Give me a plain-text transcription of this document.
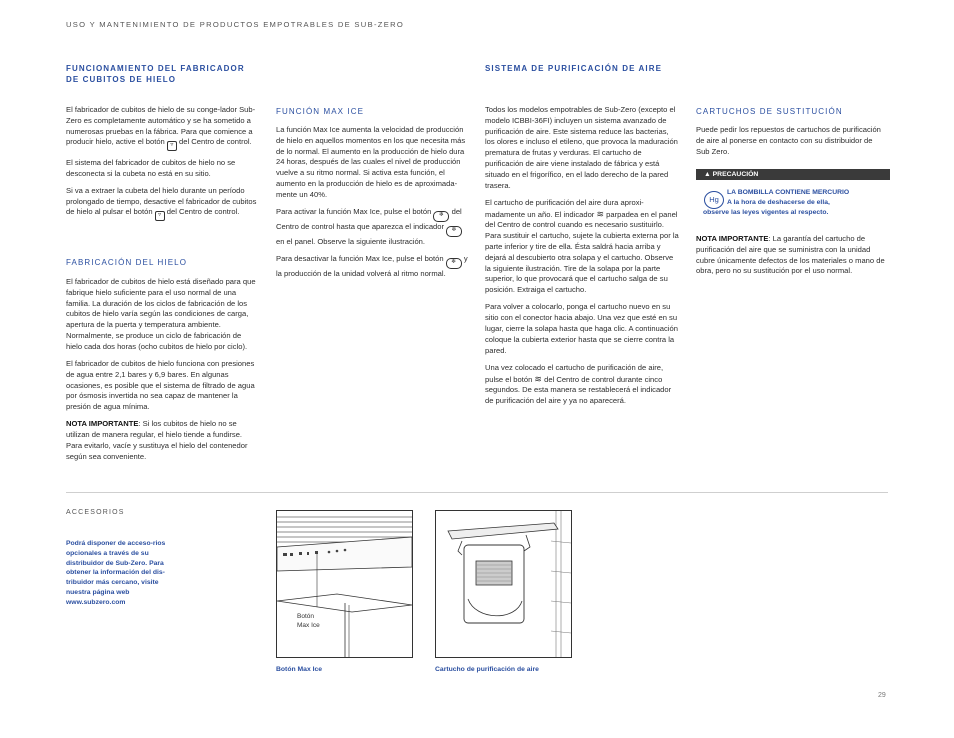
USO Y MANTENIMIENTO DE PRODUCTOS EMPOTRABLES DE SUB-ZERO
FUNCIONAMIENTO DEL FABRICADOR
DE CUBITOS DE HIELO

El fabricador de cubitos de hielo de su conge-lador Sub-Zero es completamente automático y se ha sometido a numerosas pruebas en la fábrica. Para que comience a producir hielo, active el botón ▿ del Centro de control.

El sistema del fabricador de cubitos de hielo no se desconecta si la cubeta no está en su sitio.

Si va a extraer la cubeta del hielo durante un período prolongado de tiempo, desactive el fabricador de cubitos de hielo al pulsar el botón ▿ del Centro de control.

FABRICACIÓN DEL HIELO

El fabricador de cubitos de hielo está diseñado para que fabrique hielo suficiente para el uso normal de una familia. La duración de los ciclos de fabricación de los cubitos de hielo varía según las condiciones de carga, apertura de la puerta y temperatura ambiente. Normalmente, se produce un ciclo de fabricación de hielo cada dos horas (ocho cubitos de hielo por ciclo).

El fabricador de cubitos de hielo funciona con presiones de agua entre 2,1 bares y 6,9 bares. En algunas ocasiones, es posible que el sistema de filtrado de agua por ósmosis invertida no sea capaz de mantener la presión de agua mínima.

NOTA IMPORTANTE: Si los cubitos de hielo no se utilizan de manera regular, el hielo tiende a fundirse. Para evitarlo, vacíe y sustituya el hielo del contenedor según sea conveniente.

FUNCIÓN MAX ICE

La función Max Ice aumenta la velocidad de producción de hielo en aquellos momentos en los que necesita más de lo normal. El aumento en la producción de hielo dura 24 horas, después de las cuales el nivel de producción vuelve a su ritmo normal. Si activa esta función, el aumento en la producción de hielo es de aproximada-mente un 40%.

Para activar la función Max Ice, pulse el botón ❄ del Centro de control hasta que aparezca el indicador ❄ en el panel. Observe la siguiente ilustración.

Para desactivar la función Max Ice, pulse el botón ❄ y la producción de la unidad volverá al ritmo normal.

SISTEMA DE PURIFICACIÓN DE AIRE

Todos los modelos empotrables de Sub-Zero (excepto el modelo ICBBI-36FI) incluyen un sistema avanzado de purificación de aire. Este sistema reduce las bacterias, los olores e incluso el etileno, que provoca la maduración prematura de frutas y verduras. El cartucho de purificación de aire viene instalado de fábrica y está situado en el frigorífico, en el lado derecho de la pared trasera.

El cartucho de purificación del aire dura aproxi-madamente un año. El indicador ≋ parpadea en el panel del Centro de control cuando es necesario sustituirlo. Para sustituir el cartucho, sujete la cubierta externa por la parte inferior y tire de ella. Ésta saldrá hacia arriba y dejará al descubierto otra solapa y el cartucho. Observe la siguiente ilustración. Tire de la solapa por la parte superior, lo que provocará que el cartucho salga de su posición. Extraiga el cartucho.

Para volver a colocarlo, ponga el cartucho nuevo en su sitio con el conector hacia abajo. Una vez que esté en su lugar, cierre la solapa hasta que haga clic. A continuación coloque la cubierta exterior hasta que se cierre contra la pared.

Una vez colocado el cartucho de purificación de aire, pulse el botón ≋ del Centro de control durante cinco segundos. De esta manera se restablecerá el indicador de purificación del aire y ya no aparecerá.

CARTUCHOS DE SUSTITUCIÓN

Puede pedir los repuestos de cartuchos de purificación de aire al ponerse en contacto con su distribuidor de Sub Zero.

▲ PRECAUCIÓN
Hg
LA BOMBILLA CONTIENE MERCURIO
A la hora de deshacerse de ella,
observe las leyes vigentes al respecto.

NOTA IMPORTANTE: La garantía del cartucho de purificación del aire que se suministra con la unidad cubre únicamente defectos de los materiales o mano de obra, pero no su sustitución por el uso normal.

ACCESORIOS
Podrá disponer de acceso-rios opcionales a través de su distribuidor de Sub-Zero. Para obtener la información del dis-tribuidor más cercano, visite nuestra página web www.subzero.com
Botón
Max Ice
Botón Max Ice	Cartucho de purificación de aire
29
